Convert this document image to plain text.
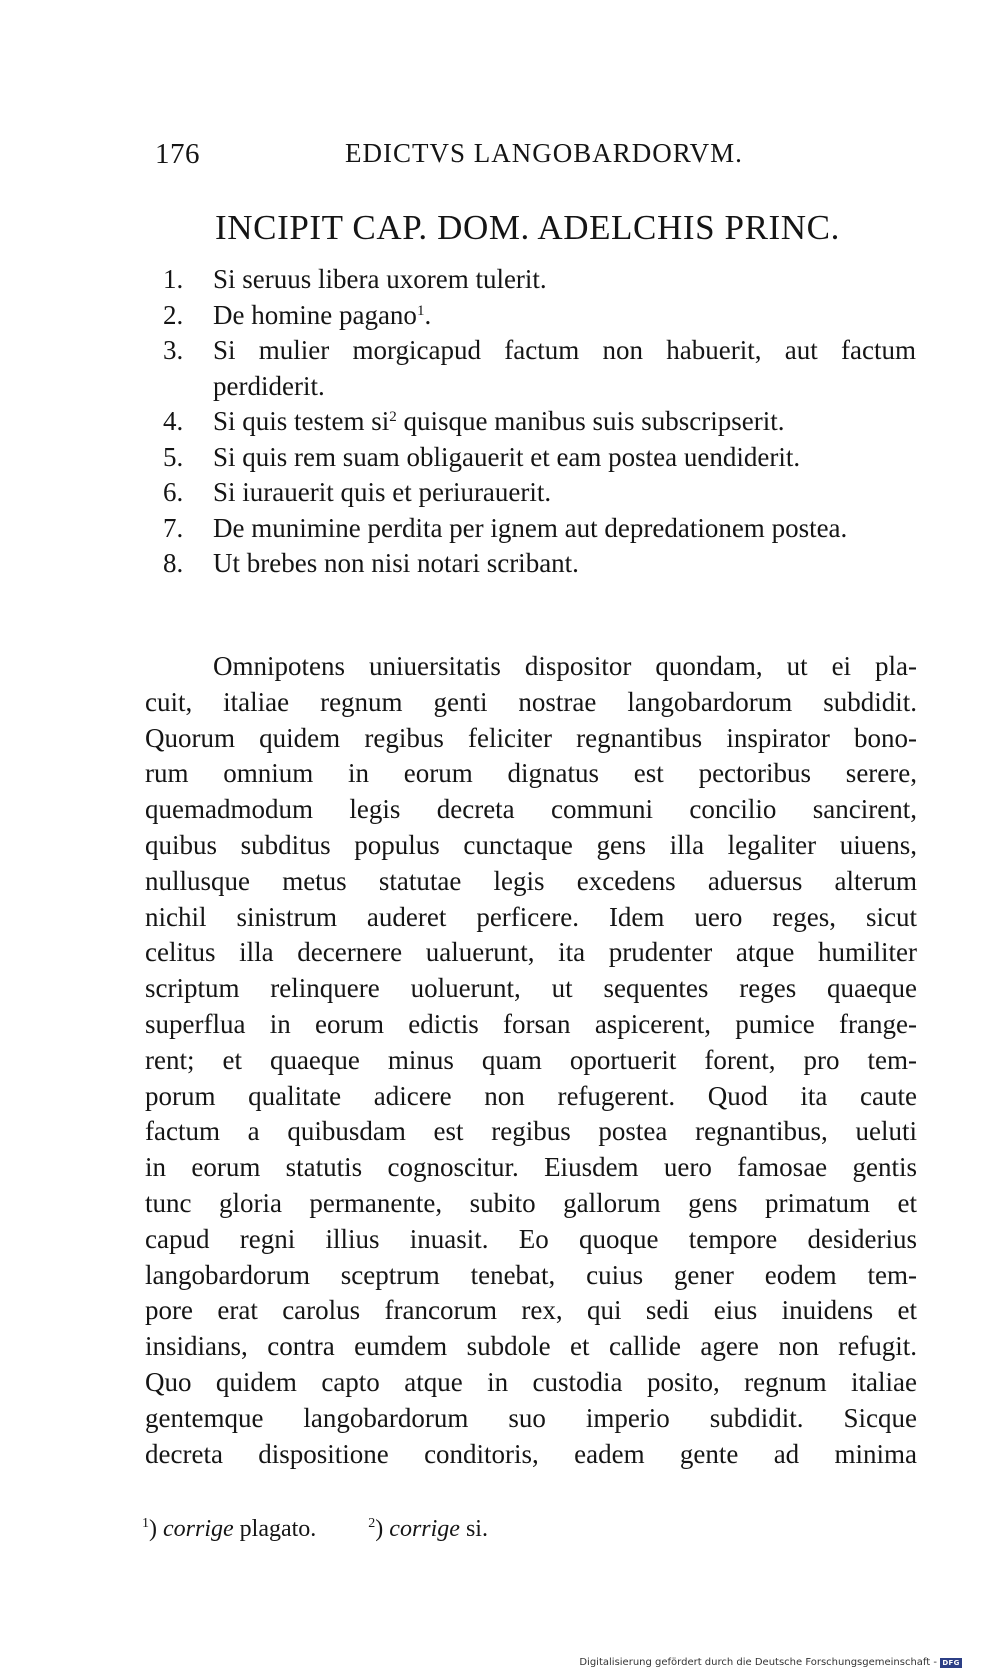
176	EDICTVS LANGOBARDORVM.
INCIPIT CAP. DOM. ADELCHIS PRINC.
1.	Si seruus libera uxorem tulerit.
2.	De homine pagano$^1$.
3.	Si mulier morgicapud factum non habuerit, aut factum perdiderit.
4.	Si quis testem $si^2$ quisque manibus suis subscripserit.
5.	Si quis rem suam obligauerit et eam postea uendiderit.
6.	Si iurauerit quis et periurauerit.
7.	De munimine perdita per ignem aut depredationem postea.
8.	Ut brebes non nisi notari scribant.
Omnipotens uniuersitatis dispositor quondam, ut ei pla-
cuit, italiae regnum genti nostrae langobardorum subdidit.
Quorum quidem regibus feliciter regnantibus inspirator bono-
rum omnium in eorum dignatus est pectoribus serere,
quemadmodum legis decreta communi concilio sancirent,
quibus subditus populus cunctaque gens illa legaliter uiuens,
nullusque metus statutae legis excedens aduersus alterum
nichil sinistrum auderet perficere. Idem uero reges, sicut
celitus illa decernere ualuerunt, ita prudenter atque humiliter
scriptum relinquere uoluerunt, ut sequentes reges quaeque
superflua in eorum edictis forsan aspicerent, pumice frange-
rent; et quaeque minus quam oportuerit forent, pro tem-
porum qualitate adicere non refugerent. Quod ita caute
factum a quibusdam est regibus postea regnantibus, ueluti
in eorum statutis cognoscitur. Eiusdem uero famosae gentis
tunc gloria permanente, subito gallorum gens primatum et
capud regni illius inuasit. Eo quoque tempore desiderius
langobardorum sceptrum tenebat, cuius gener eodem tem-
pore erat carolus francorum rex, qui sedi eius inuidens et
insidians, contra eumdem subdole et callide agere non refugit.
Quo quidem capto atque in custodia posito, regnum italiae
gentemque langobardorum suo imperio subdidit. Sicque
decreta dispositione conditoris, eadem gente ad minima
$^1$) corrige plagato.	$^2$) corrige si.
Digitalisierung gefördert durch die Deutsche Forschungsgemeinschaft - DFG
